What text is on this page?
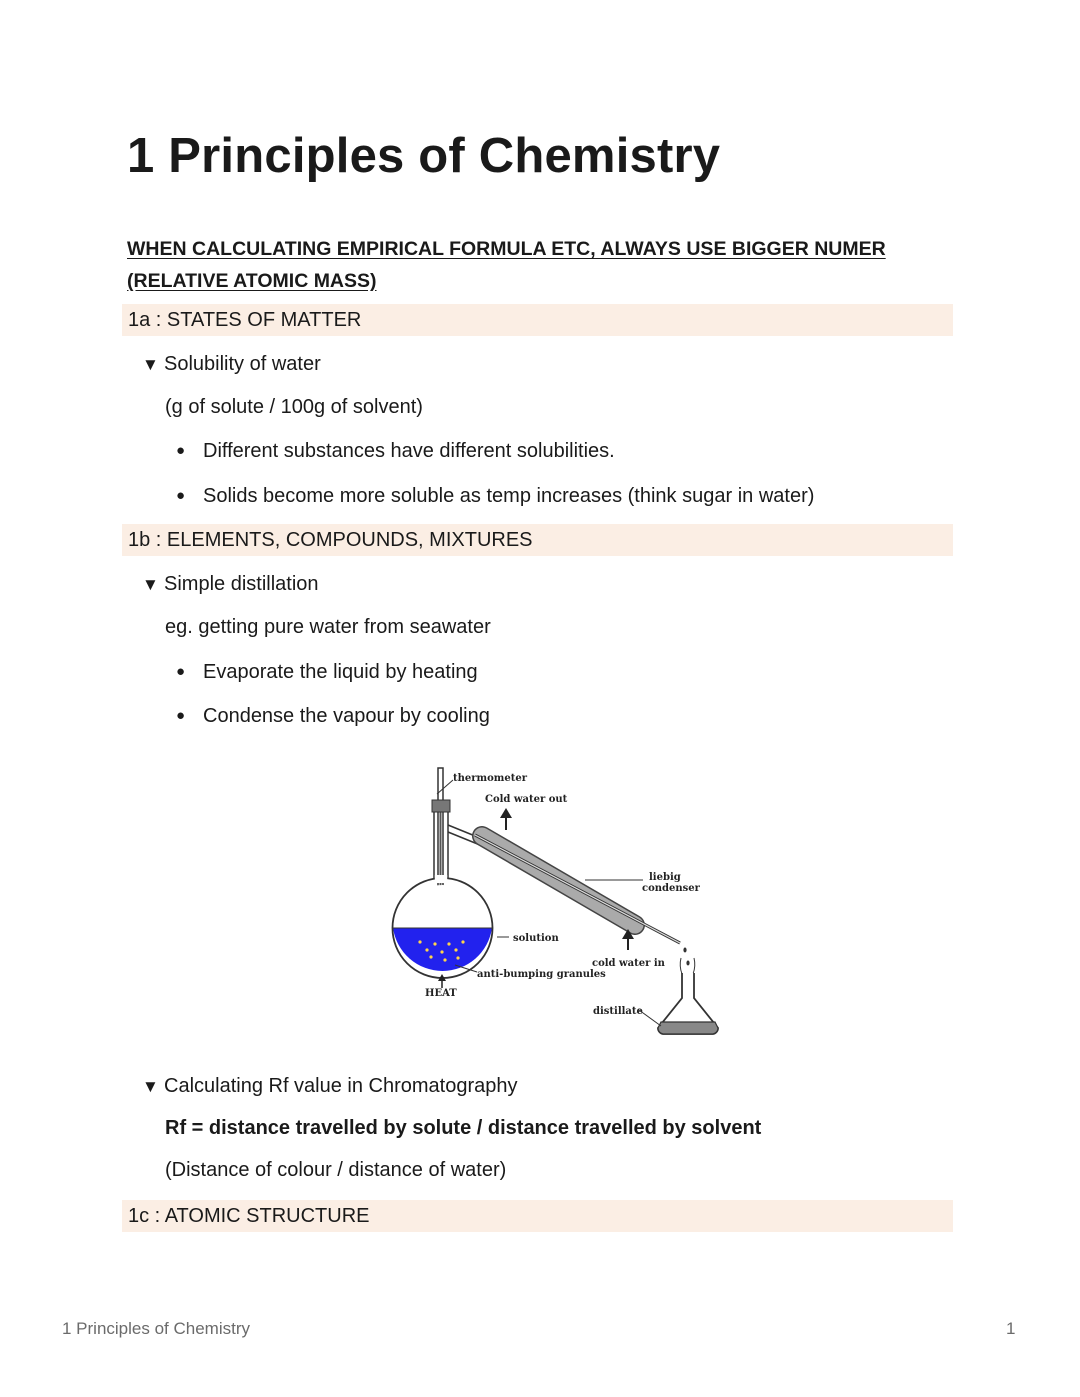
1 Principles of Chemistry
WHEN CALCULATING EMPIRICAL FORMULA ETC, ALWAYS USE BIGGER NUMER (RELATIVE ATOMIC MASS)
1a : STATES OF MATTER
▼ Solubility of water
(g of solute / 100g of solvent)
● Different substances have different solubilities.
● Solids become more soluble as temp increases (think sugar in water)
1b : ELEMENTS, COMPOUNDS, MIXTURES
▼ Simple distillation
eg. getting pure water from seawater
● Evaporate the liquid by heating
● Condense the vapour by cooling
thermometer
Cold water out
liebig
condenser
solution
cold water in
anti-bumping granules
HEAT
distillate
▼ Calculating Rf value in Chromatography
Rf = distance travelled by solute / distance travelled by solvent
(Distance of colour / distance of water)
1c : ATOMIC STRUCTURE
1 Principles of Chemistry	1
